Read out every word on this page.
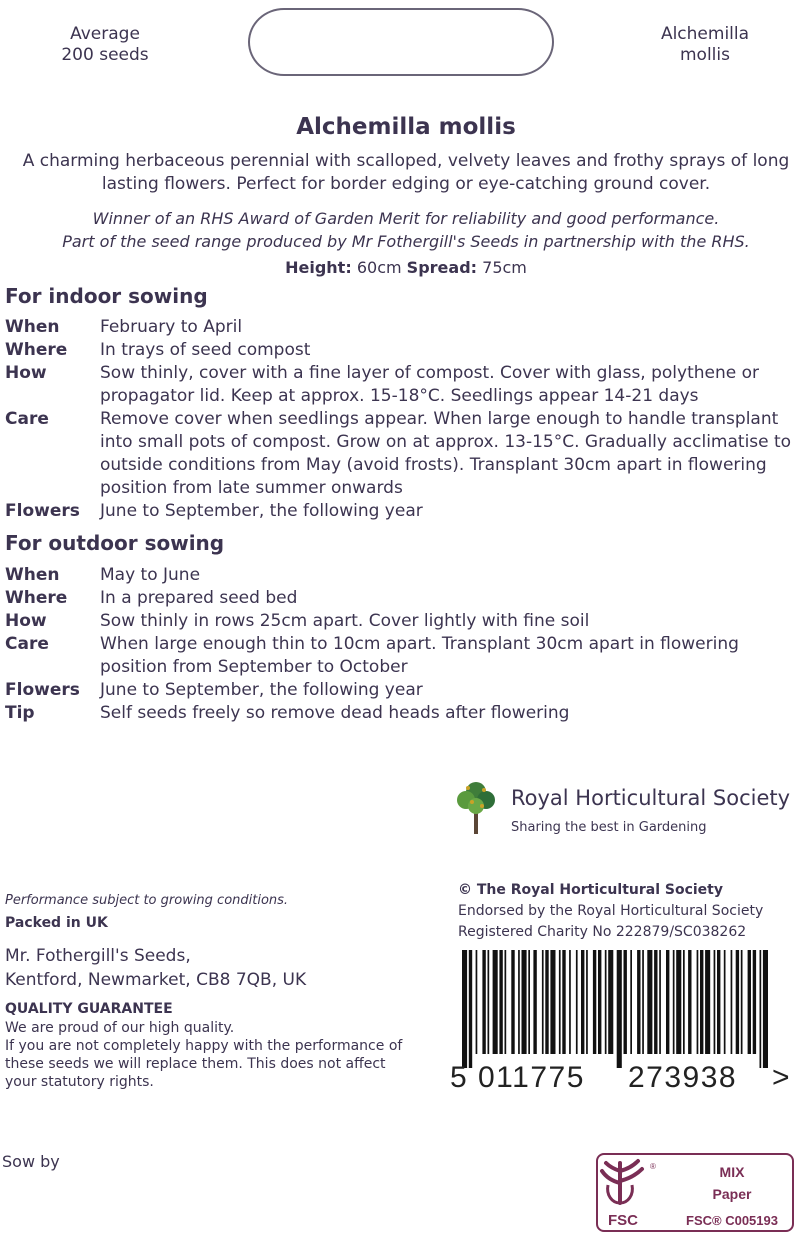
Average
200 seeds
Alchemilla
mollis
Alchemilla mollis
A charming herbaceous perennial with scalloped, velvety leaves and frothy sprays of long
lasting flowers. Perfect for border edging or eye-catching ground cover.
Winner of an RHS Award of Garden Merit for reliability and good performance.
Part of the seed range produced by Mr Fothergill's Seeds in partnership with the RHS.
Height: 60cm Spread: 75cm
For indoor sowing
When	February to April
Where	In trays of seed compost
How	Sow thinly, cover with a fine layer of compost. Cover with glass, polythene or propagator lid. Keep at approx. 15-18°C. Seedlings appear 14-21 days
Care	Remove cover when seedlings appear. When large enough to handle transplant into small pots of compost. Grow on at approx. 13-15°C. Gradually acclimatise to outside conditions from May (avoid frosts). Transplant 30cm apart in flowering position from late summer onwards
Flowers	June to September, the following year
For outdoor sowing
When	May to June
Where	In a prepared seed bed
How	Sow thinly in rows 25cm apart. Cover lightly with fine soil
Care	When large enough thin to 10cm apart. Transplant 30cm apart in flowering position from September to October
Flowers	June to September, the following year
Tip	Self seeds freely so remove dead heads after flowering
Royal Horticultural Society
Sharing the best in Gardening
Performance subject to growing conditions.
Packed in UK
Mr. Fothergill's Seeds,
Kentford, Newmarket, CB8 7QB, UK
QUALITY GUARANTEE
We are proud of our high quality.
If you are not completely happy with the performance of these seeds we will replace them. This does not affect your statutory rights.
© The Royal Horticultural Society
Endorsed by the Royal Horticultural Society
Registered Charity No 222879/SC038262
5 011775 273938 >
Sow by	®
FSC
MIX
Paper
FSC® C005193
